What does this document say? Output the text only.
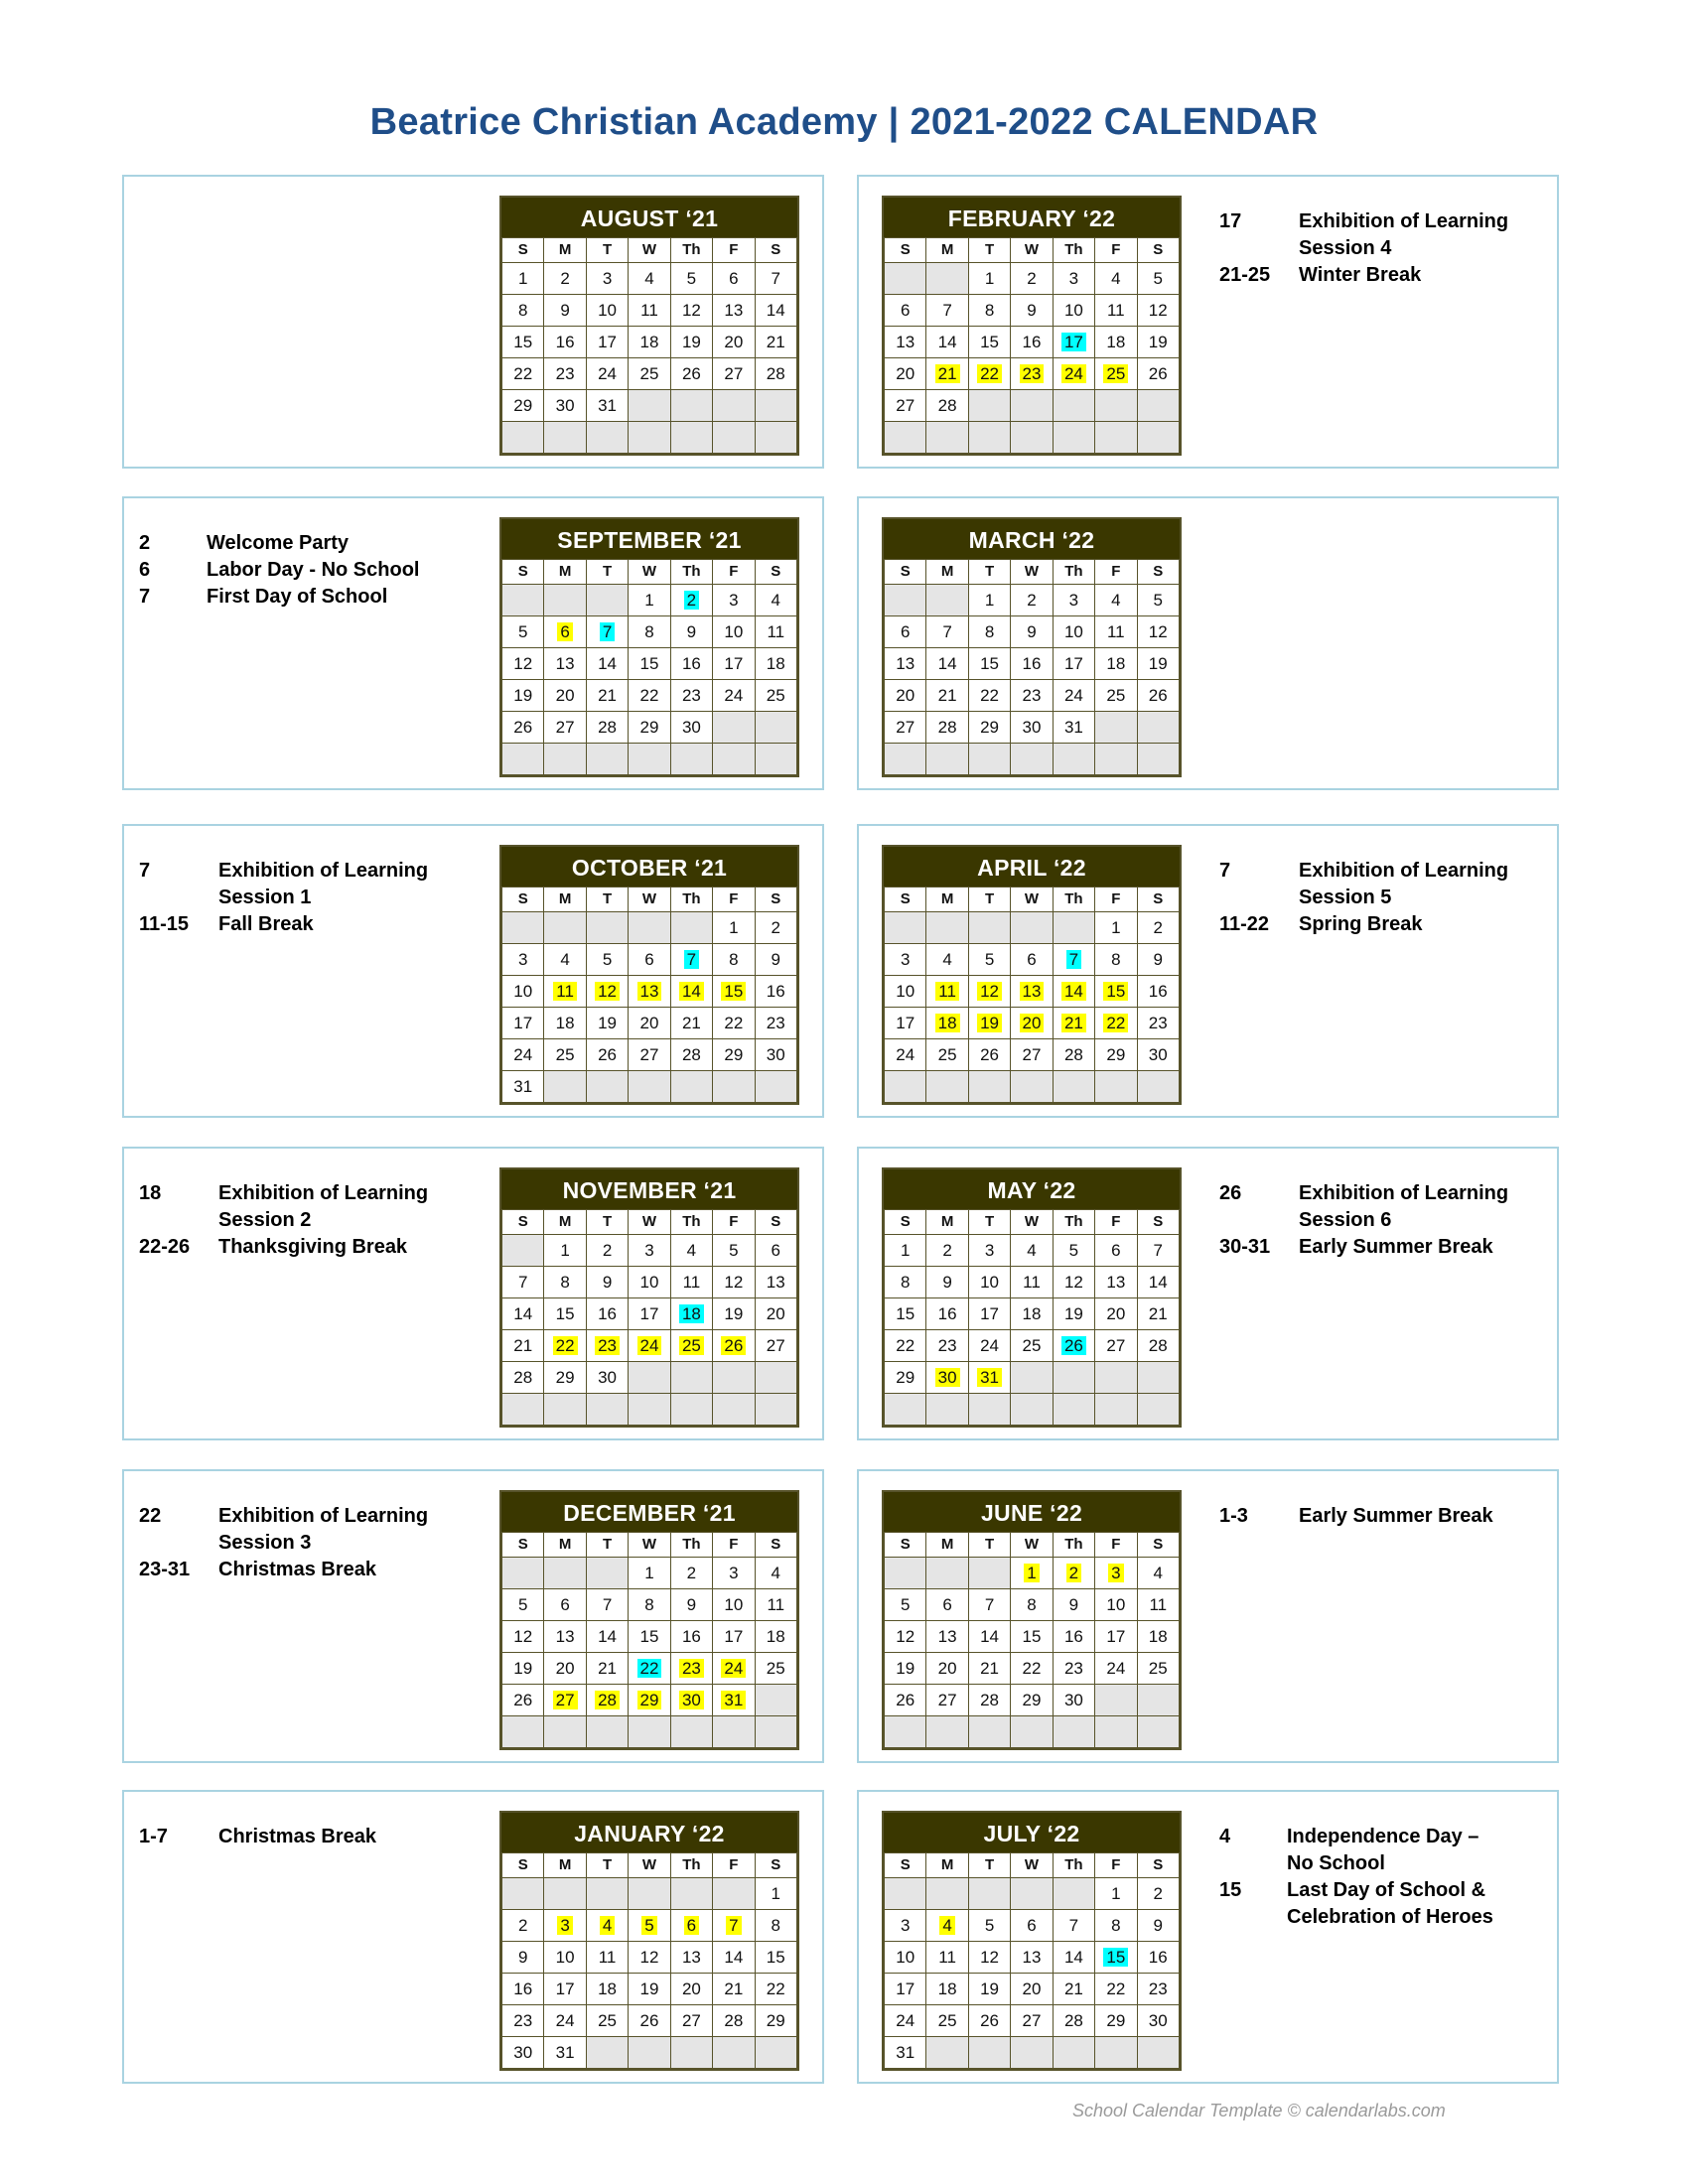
Beatrice Christian Academy | 2021-2022 CALENDAR
AUGUST ‘21
S	M	T	W	Th	F	S
1	2	3	4	5	6	7
8	9	10	11	12	13	14
15	16	17	18	19	20	21
22	23	24	25	26	27	28
29	30	31				

SEPTEMBER ‘21
S	M	T	W	Th	F	S
			1	2	3	4
5	6	7	8	9	10	11
12	13	14	15	16	17	18
19	20	21	22	23	24	25
26	27	28	29	30		

2	Welcome Party
6	Labor Day - No School
7	First Day of School
OCTOBER ‘21
S	M	T	W	Th	F	S
					1	2
3	4	5	6	7	8	9
10	11	12	13	14	15	16
17	18	19	20	21	22	23
24	25	26	27	28	29	30
31						
7	Exhibition of Learning
Session 1
11-15	Fall Break
NOVEMBER ‘21
S	M	T	W	Th	F	S
	1	2	3	4	5	6
7	8	9	10	11	12	13
14	15	16	17	18	19	20
21	22	23	24	25	26	27
28	29	30				

18	Exhibition of Learning
Session 2
22-26	Thanksgiving Break
DECEMBER ‘21
S	M	T	W	Th	F	S
			1	2	3	4
5	6	7	8	9	10	11
12	13	14	15	16	17	18
19	20	21	22	23	24	25
26	27	28	29	30	31	

22	Exhibition of Learning
Session 3
23-31	Christmas Break
JANUARY ‘22
S	M	T	W	Th	F	S
						1
2	3	4	5	6	7	8
9	10	11	12	13	14	15
16	17	18	19	20	21	22
23	24	25	26	27	28	29
30	31					
1-7	Christmas Break
FEBRUARY ‘22
S	M	T	W	Th	F	S
		1	2	3	4	5
6	7	8	9	10	11	12
13	14	15	16	17	18	19
20	21	22	23	24	25	26
27	28					

17	Exhibition of Learning
Session 4
21-25	Winter Break
MARCH ‘22
S	M	T	W	Th	F	S
		1	2	3	4	5
6	7	8	9	10	11	12
13	14	15	16	17	18	19
20	21	22	23	24	25	26
27	28	29	30	31		

APRIL ‘22
S	M	T	W	Th	F	S
					1	2
3	4	5	6	7	8	9
10	11	12	13	14	15	16
17	18	19	20	21	22	23
24	25	26	27	28	29	30

7	Exhibition of Learning
Session 5
11-22	Spring Break
MAY ‘22
S	M	T	W	Th	F	S
1	2	3	4	5	6	7
8	9	10	11	12	13	14
15	16	17	18	19	20	21
22	23	24	25	26	27	28
29	30	31				

26	Exhibition of Learning
Session 6
30-31	Early Summer Break
JUNE ‘22
S	M	T	W	Th	F	S
			1	2	3	4
5	6	7	8	9	10	11
12	13	14	15	16	17	18
19	20	21	22	23	24	25
26	27	28	29	30		

1-3	Early Summer Break
JULY ‘22
S	M	T	W	Th	F	S
					1	2
3	4	5	6	7	8	9
10	11	12	13	14	15	16
17	18	19	20	21	22	23
24	25	26	27	28	29	30
31						
4	Independence Day –
No School
15	Last Day of School &
Celebration of Heroes
School Calendar Template © calendarlabs.com
